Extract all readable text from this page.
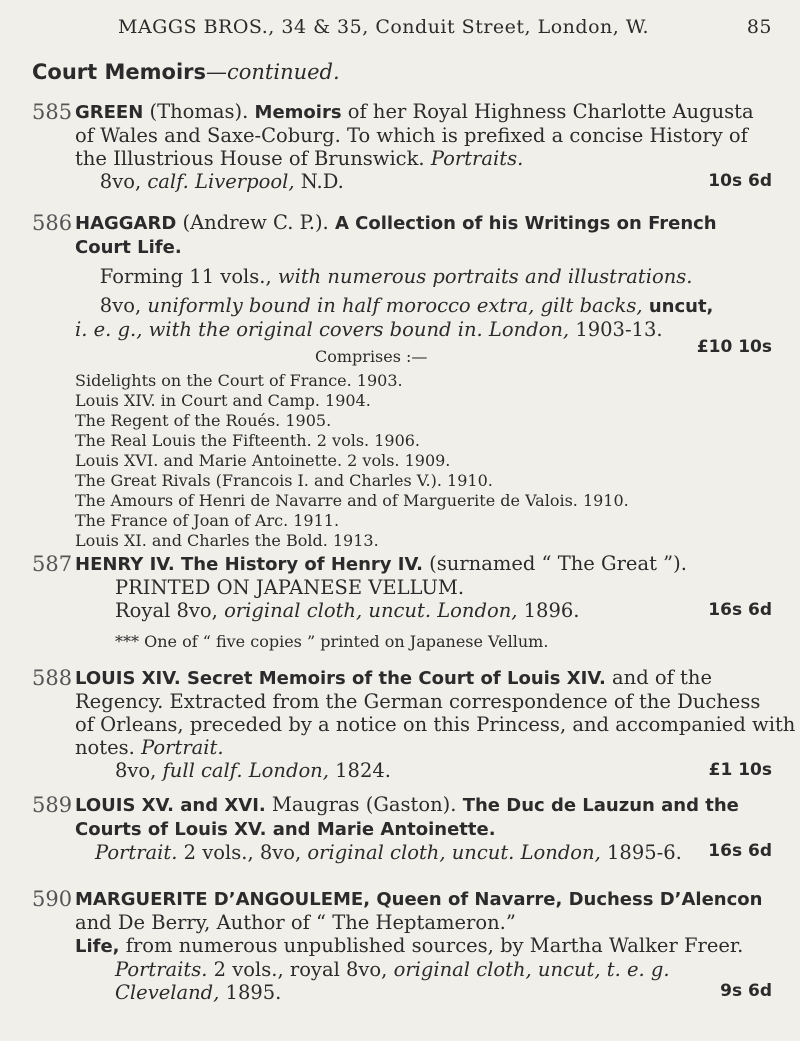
MAGGS BROS., 34 & 35, Conduit Street, London, W.	85
Court Memoirs—continued.
585 GREEN (Thomas). Memoirs of her Royal Highness Charlotte Augusta
of Wales and Saxe-Coburg. To which is prefixed a concise History of
the Illustrious House of Brunswick. Portraits.
8vo, calf. Liverpool, N.D.	10s 6d
586 HAGGARD (Andrew C. P.). A Collection of his Writings on French
Court Life.
Forming 11 vols., with numerous portraits and illustrations.
8vo, uniformly bound in half morocco extra, gilt backs, uncut,
i. e. g., with the original covers bound in. London, 1903-13.
Comprises :—
Sidelights on the Court of France. 1903.
Louis XIV. in Court and Camp. 1904.
The Regent of the Roués. 1905.
The Real Louis the Fifteenth. 2 vols. 1906.
Louis XVI. and Marie Antoinette. 2 vols. 1909.
The Great Rivals (Francois I. and Charles V.). 1910.
The Amours of Henri de Navarre and of Marguerite de Valois. 1910.
The France of Joan of Arc. 1911.
Louis XI. and Charles the Bold. 1913.
£10 10s
587 HENRY IV. The History of Henry IV. (surnamed “ The Great ”).
PRINTED ON JAPANESE VELLUM.
Royal 8vo, original cloth, uncut. London, 1896.
*** One of “ five copies ” printed on Japanese Vellum.
16s 6d
588 LOUIS XIV. Secret Memoirs of the Court of Louis XIV. and of the
Regency. Extracted from the German correspondence of the Duchess
of Orleans, preceded by a notice on this Princess, and accompanied with
notes. Portrait.
8vo, full calf. London, 1824.	£1 10s
589 LOUIS XV. and XVI. Maugras (Gaston). The Duc de Lauzun and the
Courts of Louis XV. and Marie Antoinette.
Portrait. 2 vols., 8vo, original cloth, uncut. London, 1895-6.	16s 6d
590 MARGUERITE D’ANGOULEME, Queen of Navarre, Duchess D’Alencon
and De Berry, Author of “ The Heptameron.”
Life, from numerous unpublished sources, by Martha Walker Freer.
Portraits. 2 vols., royal 8vo, original cloth, uncut, t. e. g.
Cleveland, 1895.	9s 6d
